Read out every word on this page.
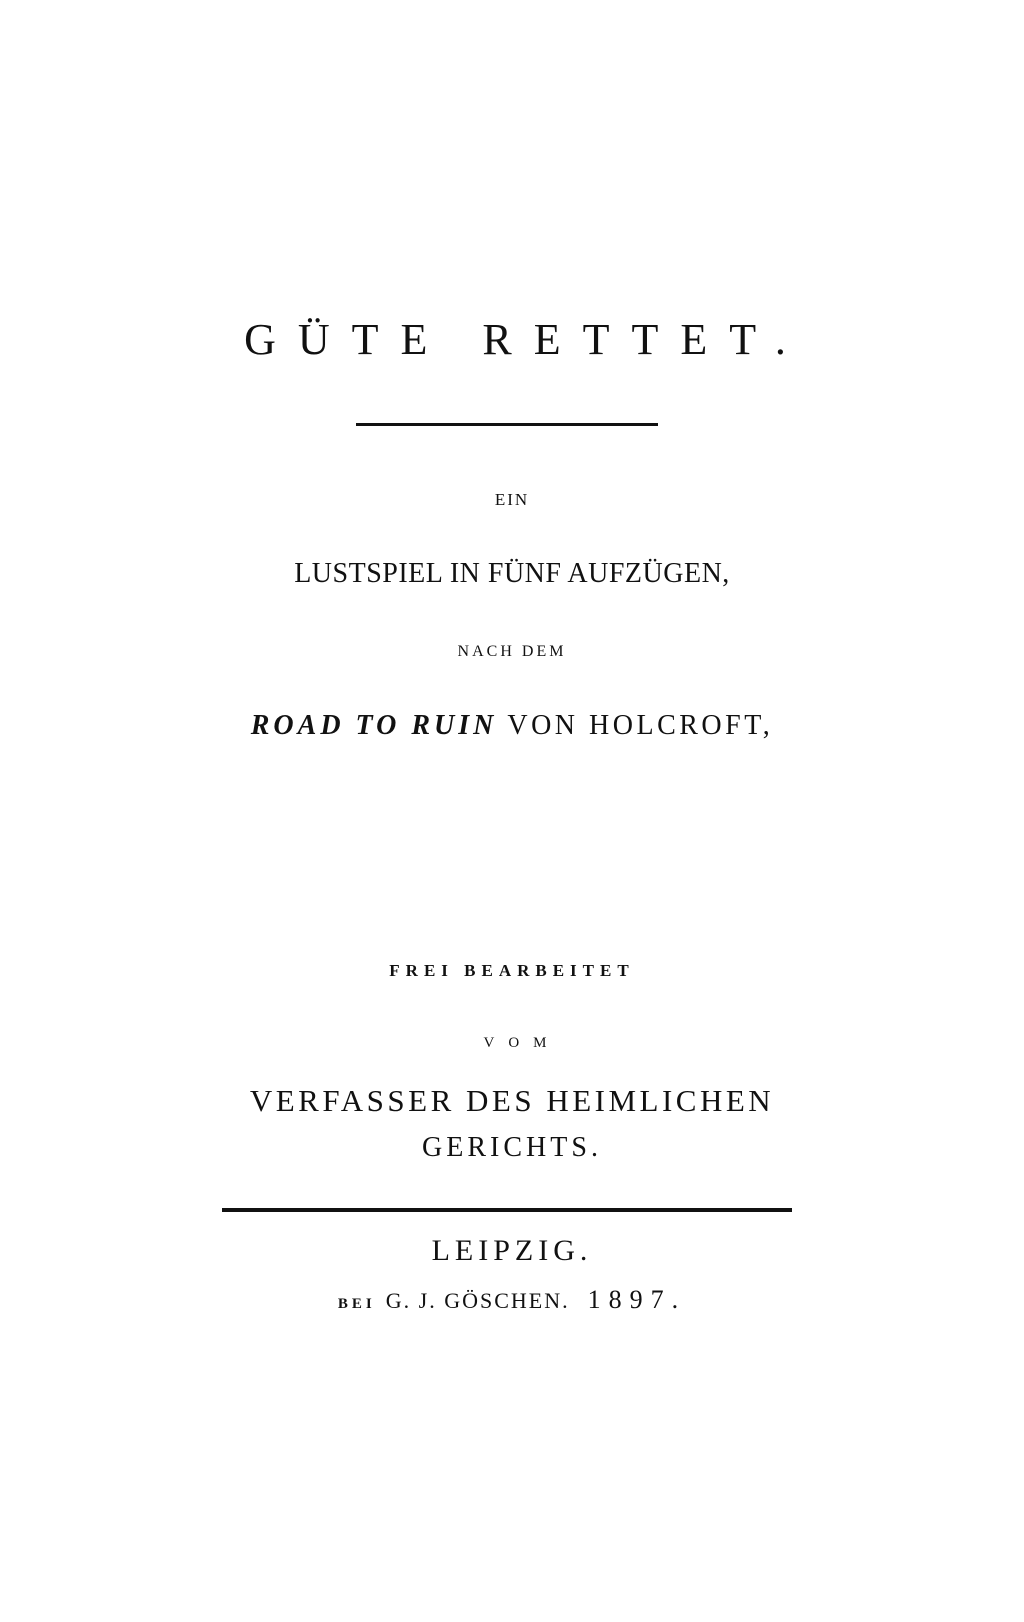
GÜTE RETTET.
EIN
LUSTSPIEL IN FÜNF AUFZÜGEN,
NACH DEM
ROAD TO RUIN VON HOLCROFT,
FREI BEARBEITET
VOM
VERFASSER DES HEIMLICHEN
GERICHTS.
LEIPZIG.
BEI G. J. GÖSCHEN. 1897.
